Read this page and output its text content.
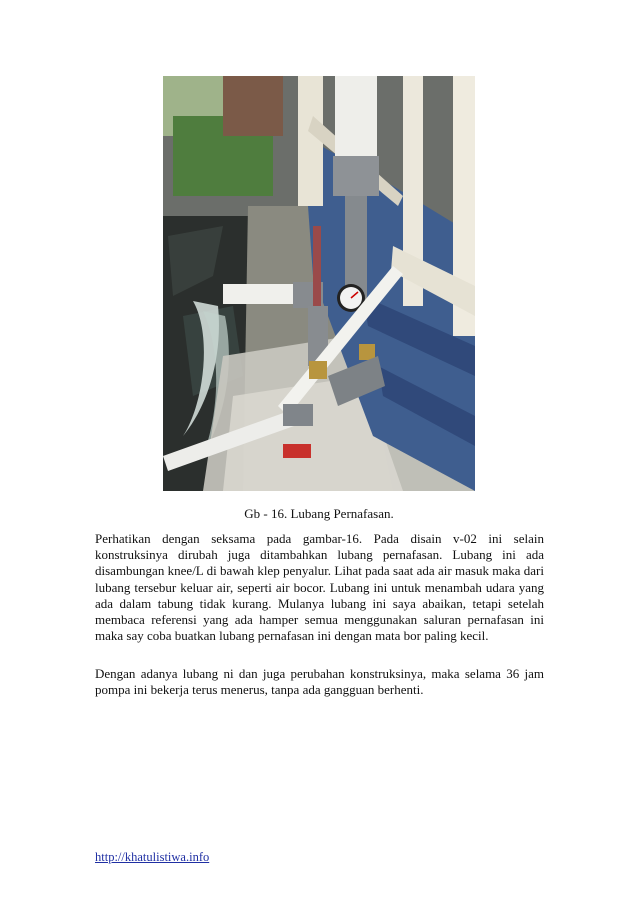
Gb - 16. Lubang Pernafasan.

Perhatikan dengan seksama pada gambar-16. Pada disain v-02 ini selain konstruksinya dirubah juga ditambahkan lubang pernafasan. Lubang ini ada disambungan knee/L di bawah klep penyalur. Lihat pada saat ada air masuk maka dari lubang tersebur keluar air, seperti air bocor. Lubang ini untuk menambah udara yang ada dalam tabung tidak kurang. Mulanya lubang ini saya abaikan, tetapi setelah membaca referensi yang ada hamper semua menggunakan saluran pernafasan ini maka say coba buatkan lubang pernafasan ini dengan mata bor paling kecil.

Dengan adanya lubang ni dan juga perubahan konstruksinya, maka selama 36 jam pompa ini bekerja terus menerus, tanpa ada gangguan berhenti.

http://khatulistiwa.info
